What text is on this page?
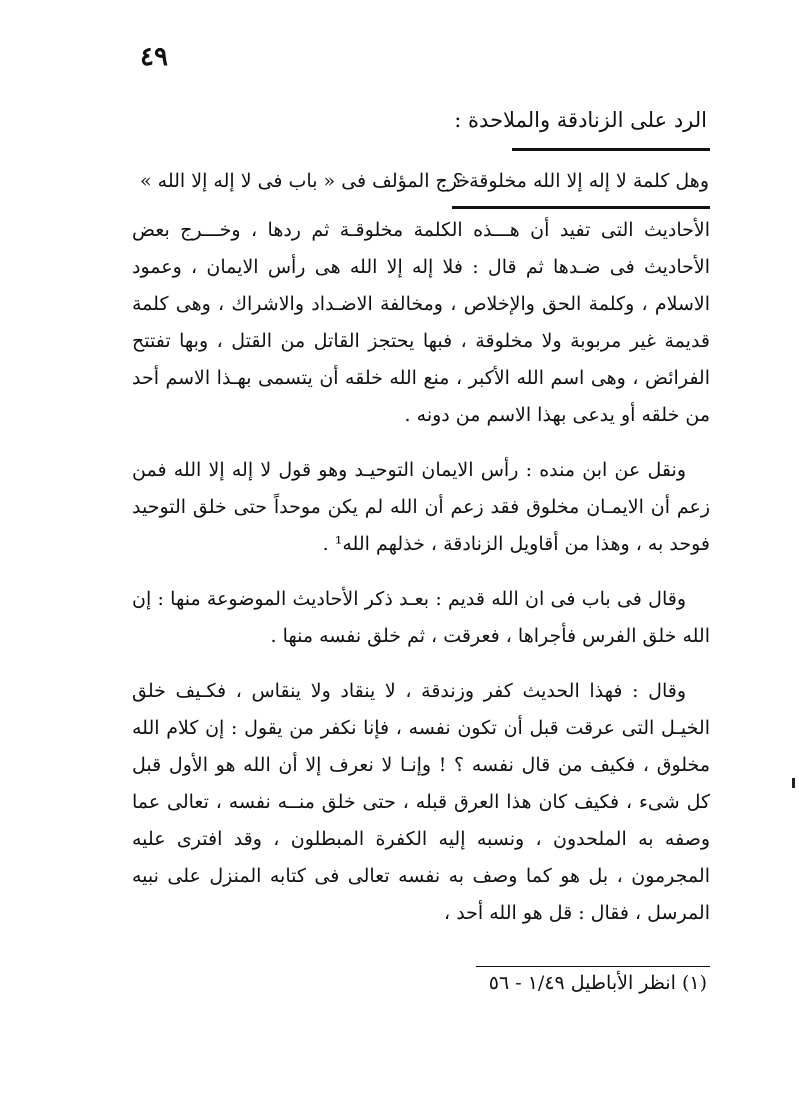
٤٩
الرد على الزنادقة والملاحدة :
وهل كلمة لا إله إلا الله مخلوقة ؟ :
خرج المؤلف فى « باب فى لا إله إلا الله »

الأحاديث التى تفيد أن هـــذه الكلمة مخلوقـة ثم ردها ، وخـــرج بعض الأحاديث فى ضـدها ثم قال : فلا إله إلا الله هى رأس الايمان ، وعمود الاسلام ، وكلمة الحق والإخلاص ، ومخالفة الاضـداد والاشراك ، وهى كلمة قديمة غير مربوبة ولا مخلوقة ، فبها يحتجز القاتل من القتل ، وبها تفتتح الفرائض ، وهى اسم الله الأكبر ، منع الله خلقه أن يتسمى بهـذا الاسم أحد من خلقه أو يدعى بهذا الاسم من دونه .

ونقل عن ابن منده : رأس الايمان التوحيـد وهو قول لا إله إلا الله فمن زعم أن الايمـان مخلوق فقد زعم أن الله لم يكن موحداً حتى خلق التوحيد فوحد به ، وهذا من أقاويل الزنادقة ، خذلهم الله¹ .

وقال فى باب فى ان الله قديم : بعـد ذكر الأحاديث الموضوعة منها : إن الله خلق الفرس فأجراها ، فعرقت ، ثم خلق نفسه منها .

وقال : فهذا الحديث كفر وزندقة ، لا ينقاد ولا ينقاس ، فكـيف خلق الخيـل التى عرقت قبل أن تكون نفسه ، فإنا نكفر من يقول : إن كلام الله مخلوق ، فكيف من قال نفسه ؟ ! وإنـا لا نعرف إلا أن الله هو الأول قبل كل شىء ، فكيف كان هذا العرق قبله ، حتى خلق منــه نفسه ، تعالى عما وصفه به الملحدون ، ونسبه إليه الكفرة المبطلون ، وقد افترى عليه المجرمون ، بل هو كما وصف به نفسه تعالى فى كتابه المنزل على نبيه المرسل ، فقال : قل هو الله أحد ،

(١) انظر الأباطيل ١/٤٩ - ٥٦
